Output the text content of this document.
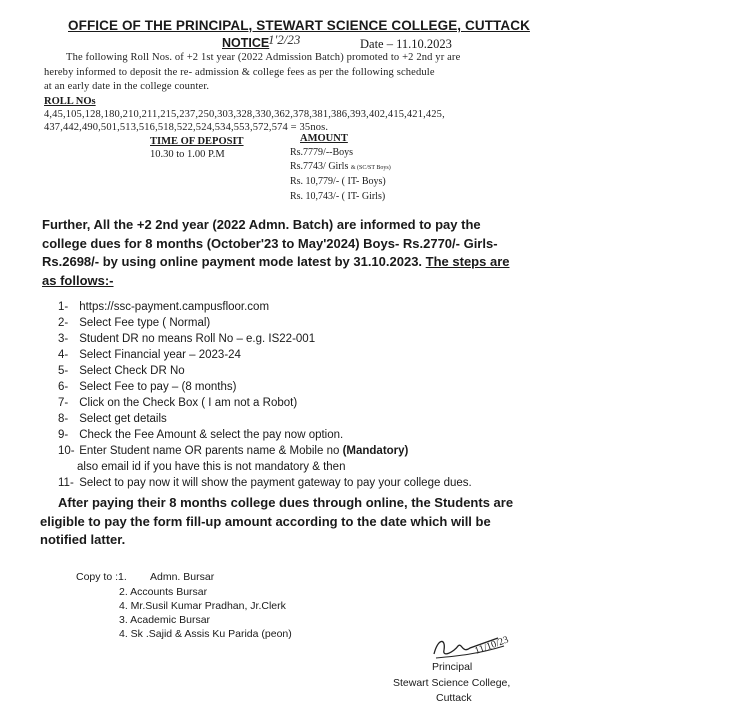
OFFICE OF THE PRINCIPAL, STEWART SCIENCE COLLEGE, CUTTACK
NOTICE
1'2/23	Date – 11.10.2023
The following Roll Nos. of +2 1st year (2022 Admission Batch) promoted to +2 2nd yr are
hereby informed to deposit the re- admission & college fees as per the following schedule
at an early date in the college counter.
ROLL NOs
4,45,105,128,180,210,211,215,237,250,303,328,330,362,378,381,386,393,402,415,421,425,
437,442,490,501,513,516,518,522,524,534,553,572,574 = 35nos.
TIME OF DEPOSIT	AMOUNT
10.30 to 1.00 P.M	Rs.7779/--Boys
Rs.7743/ Girls & (SC/ST Boys)
Rs. 10,779/- ( IT- Boys)
Rs. 10,743/- ( IT- Girls)
Further, All the +2 2nd year (2022 Admn. Batch) are informed to pay the college dues for 8 months (October'23 to May'2024) Boys- Rs.2770/- Girls- Rs.2698/- by using online payment mode latest by 31.10.2023. The steps are as follows:-
1- https://ssc-payment.campusfloor.com
2- Select Fee type ( Normal)
3- Student DR no means Roll No – e.g. IS22-001
4- Select Financial year – 2023-24
5- Select Check DR No
6- Select Fee to pay – (8 months)
7- Click on the Check Box ( I am not a Robot)
8- Select get details
9- Check the Fee Amount & select the pay now option.
10- Enter Student name OR parents name & Mobile no (Mandatory)
also email id if you have this is not mandatory & then
11- Select to pay now it will show the payment gateway to pay your college dues.
After paying their 8 months college dues through online, the Students are eligible to pay the form fill-up amount according to the date which will be notified latter.
Copy to :1. Admn. Bursar
2. Accounts Bursar
4. Mr.Susil Kumar Pradhan, Jr.Clerk
3. Academic Bursar
4. Sk .Sajid & Assis Ku Parida (peon)
11/10/23
Principal
Stewart Science College,
Cuttack
